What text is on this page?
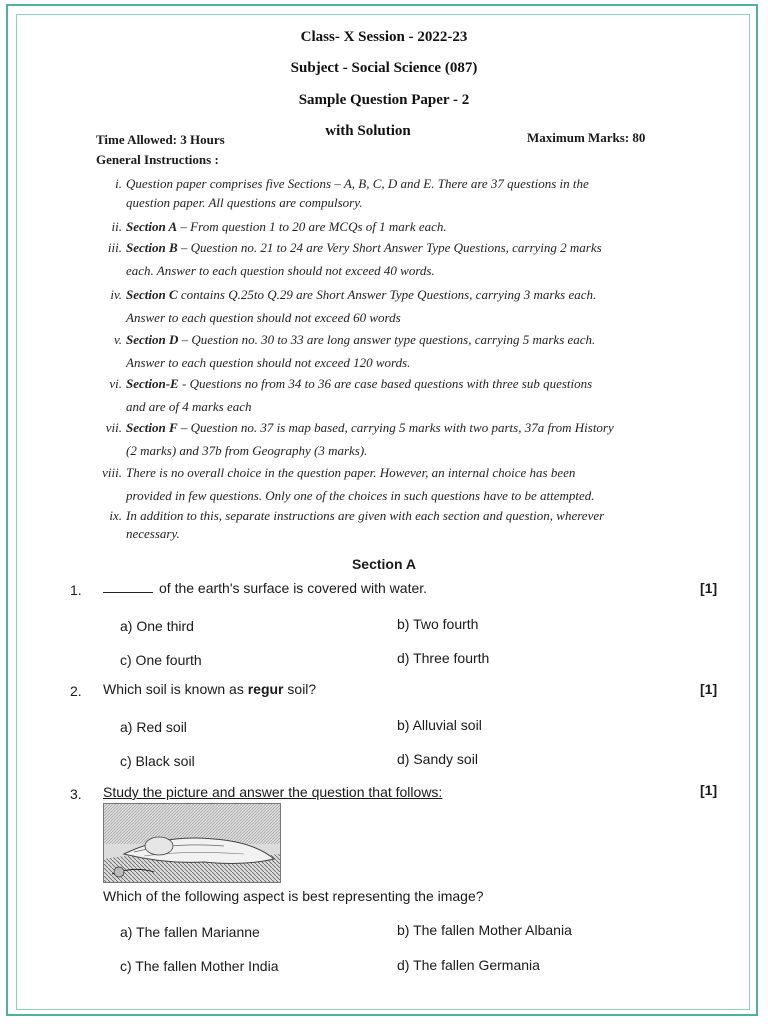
Class- X Session - 2022-23
Subject - Social Science (087)
Sample Question Paper - 2
with Solution
Time Allowed: 3 Hours	Maximum Marks: 80
General Instructions :
i. Question paper comprises five Sections – A, B, C, D and E. There are 37 questions in the
question paper. All questions are compulsory.
ii. Section A – From question 1 to 20 are MCQs of 1 mark each.
iii. Section B – Question no. 21 to 24 are Very Short Answer Type Questions, carrying 2 marks
each. Answer to each question should not exceed 40 words.
iv. Section C contains Q.25to Q.29 are Short Answer Type Questions, carrying 3 marks each.
Answer to each question should not exceed 60 words
v. Section D – Question no. 30 to 33 are long answer type questions, carrying 5 marks each.
Answer to each question should not exceed 120 words.
vi. Section-E - Questions no from 34 to 36 are case based questions with three sub questions
and are of 4 marks each
vii. Section F – Question no. 37 is map based, carrying 5 marks with two parts, 37a from History
(2 marks) and 37b from Geography (3 marks).
viii. There is no overall choice in the question paper. However, an internal choice has been
provided in few questions. Only one of the choices in such questions have to be attempted.
ix. In addition to this, separate instructions are given with each section and question, wherever
necessary.
Section A
1.	of the earth's surface is covered with water.	[1]
a) One third	b) Two fourth
c) One fourth	d) Three fourth
2. Which soil is known as regur soil?	[1]
a) Red soil	b) Alluvial soil
c) Black soil	d) Sandy soil
3. Study the picture and answer the question that follows:	[1]
Which of the following aspect is best representing the image?
a) The fallen Marianne	b) The fallen Mother Albania
c) The fallen Mother India	d) The fallen Germania
